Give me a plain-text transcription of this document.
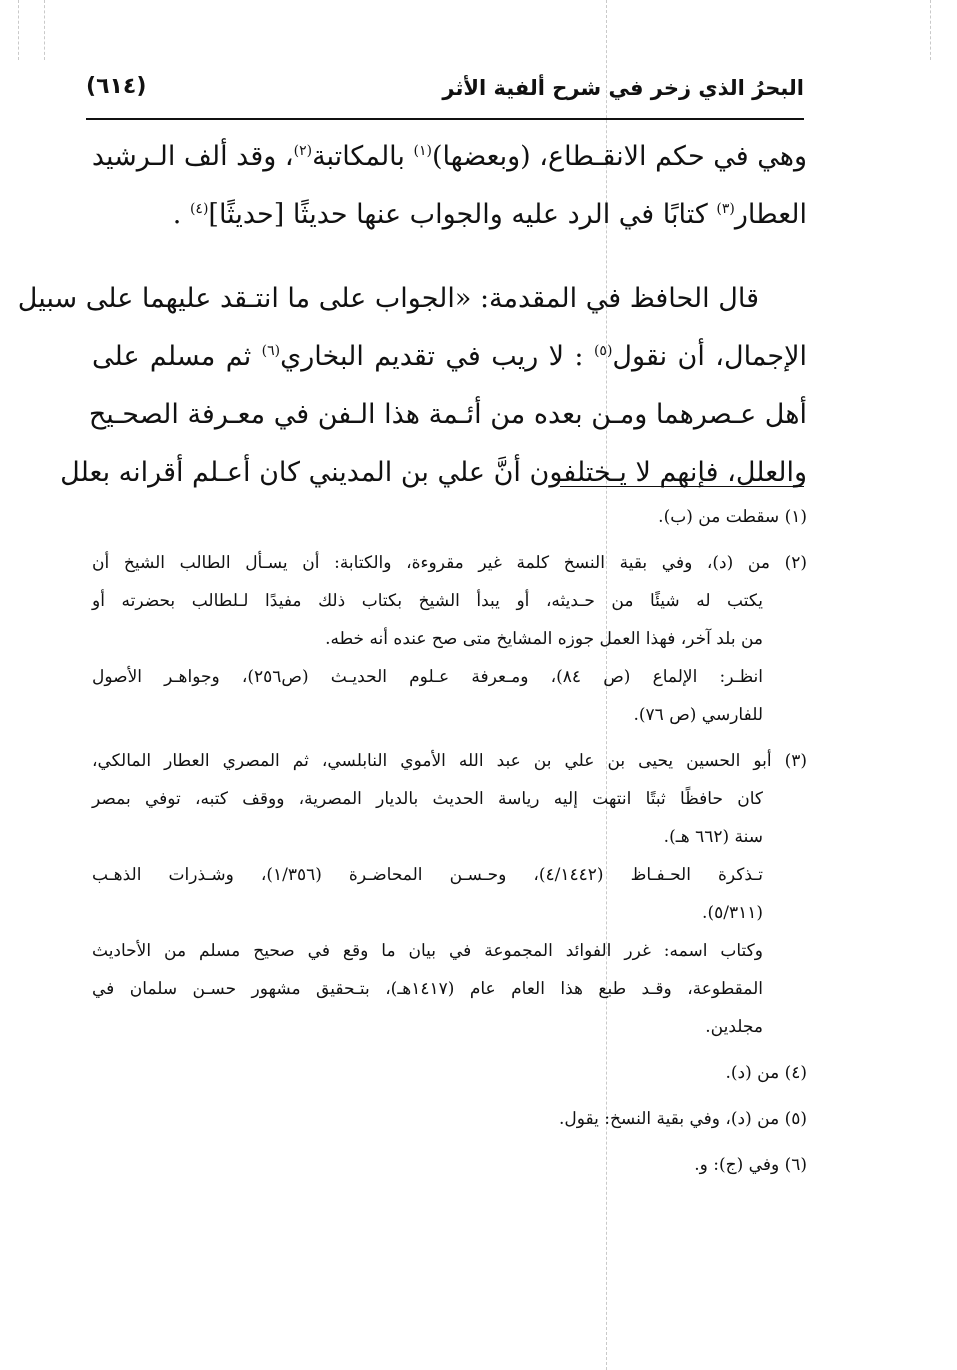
البحرُ الذي زخر في شرح ألفية الأثر
(٦١٤)

وهي في حكم الانقـطاع، (وبعضها)$^{(١)}$ بالمكاتبة$^{(٢)}$، وقد ألف الـرشيد
العطار$^{(٣)}$ كتابًا في الرد عليه والجواب عنها حديثًا [حديثًا]$^{(٤)}$ .

قال الحافظ في المقدمة: «الجواب على ما انتـقد عليهما على سبيل
الإجمال، أن نقول$^{(٥)}$ : لا ريب في تقديم البخاري$^{(٦)}$ ثم مسلم على
أهل عـصرهما ومـن بعده من أئـمة هذا الـفن في معـرفة الصحـيح
والعلل، فإنهم لا يـختلفون أنَّ علي بن المديني كان أعـلم أقرانه بعلل

(١) سقطت من (ب).
(٢) من (د)، وفي بقية النسخ كلمة غير مقروءة، والكتابة: أن يسـأل الطالب الشيخ أن
يكتب له شيئًا من حـديثه، أو يبدأ الشيخ بكتاب ذلك مفيدًا لـلطالب بحضرته أو
من بلد آخر، فهذا العمل جوزه المشايخ متى صح عنده أنه خطه.
انظـر: الإلماع (ص ٨٤)، ومـعرفة عـلوم الحديـث (ص٢٥٦)، وجواهـر الأصول
للفارسي (ص ٧٦).
(٣) أبو الحسين يحيى بن علي بن عبد الله الأموي النابلسي، ثم المصري العطار المالكي،
كان حافظًا ثبتًا انتهت إليه رياسة الحديث بالديار المصرية، ووقف كتبه، توفي بمصر
سنة (٦٦٢ هـ).
تـذكرة الحـفـاظ (٤/١٤٤٢)، وحـسـن المحاضـرة (١/٣٥٦)، وشـذرات الذهـب
(٥/٣١١).
وكتاب اسمه: غرر الفوائد المجموعة في بيان ما وقع في صحيح مسلم من الأحاديث
المقطوعة، وقـد طبع هذا العام عام (١٤١٧هـ)، بتـحقيق مشهور حسـن سلمان في
مجلدين.
(٤) من (د).
(٥) من (د)، وفي بقية النسخ: يقول.
(٦) وفي (ج): و.
